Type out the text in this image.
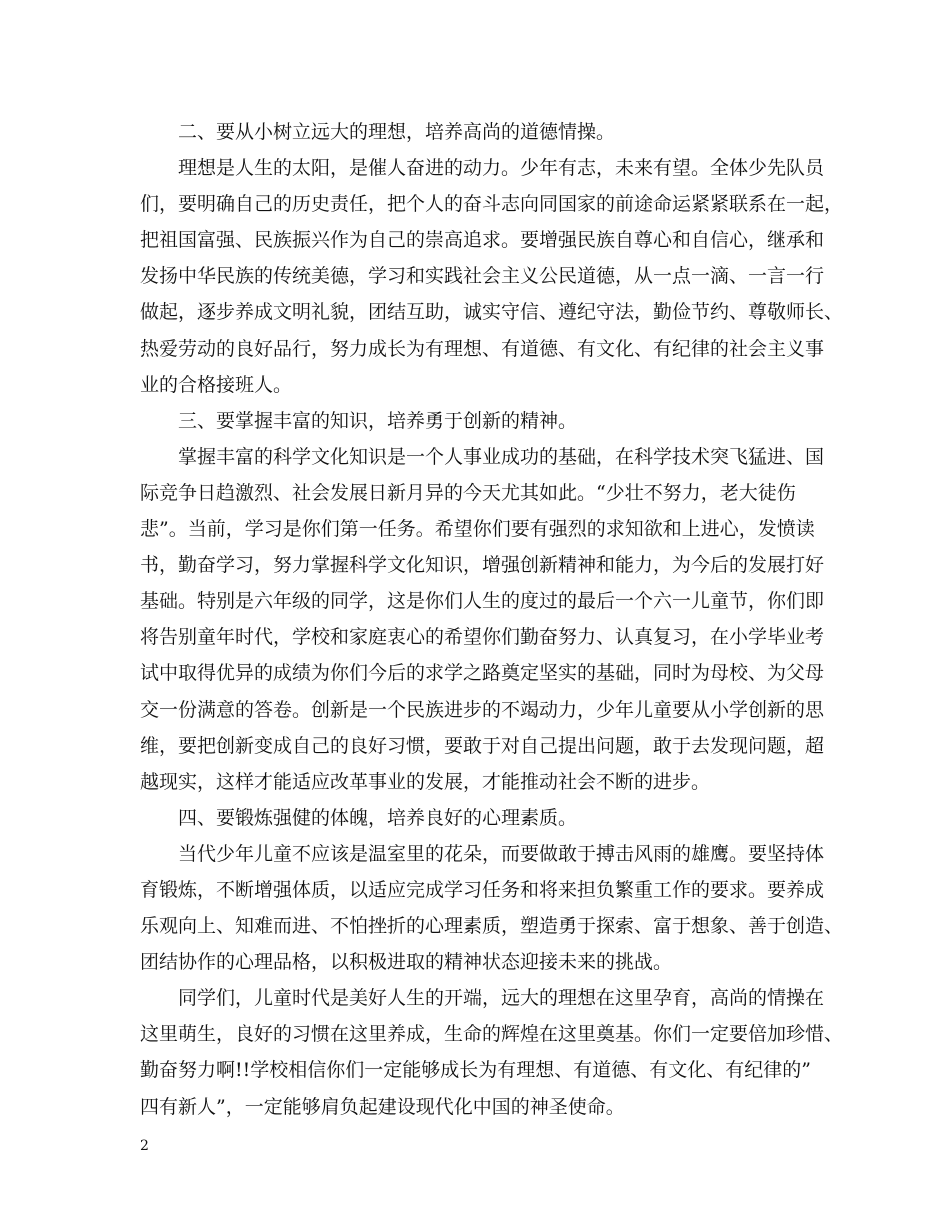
二、要从小树立远大的理想，培养高尚的道德情操。
理想是人生的太阳，是催人奋进的动力。少年有志，未来有望。全体少先队员
们，要明确自己的历史责任，把个人的奋斗志向同国家的前途命运紧紧联系在一起，
把祖国富强、民族振兴作为自己的崇高追求。要增强民族自尊心和自信心，继承和
发扬中华民族的传统美德，学习和实践社会主义公民道德，从一点一滴、一言一行
做起，逐步养成文明礼貌，团结互助，诚实守信、遵纪守法，勤俭节约、尊敬师长、
热爱劳动的良好品行，努力成长为有理想、有道德、有文化、有纪律的社会主义事
业的合格接班人。
三、要掌握丰富的知识，培养勇于创新的精神。
掌握丰富的科学文化知识是一个人事业成功的基础，在科学技术突飞猛进、国
际竞争日趋激烈、社会发展日新月异的今天尤其如此。“少壮不努力，老大徒伤
悲”。当前，学习是你们第一任务。希望你们要有强烈的求知欲和上进心，发愤读
书，勤奋学习，努力掌握科学文化知识，增强创新精神和能力，为今后的发展打好
基础。特别是六年级的同学，这是你们人生的度过的最后一个六一儿童节，你们即
将告别童年时代，学校和家庭衷心的希望你们勤奋努力、认真复习，在小学毕业考
试中取得优异的成绩为你们今后的求学之路奠定坚实的基础，同时为母校、为父母
交一份满意的答卷。创新是一个民族进步的不竭动力，少年儿童要从小学创新的思
维，要把创新变成自己的良好习惯，要敢于对自己提出问题，敢于去发现问题，超
越现实，这样才能适应改革事业的发展，才能推动社会不断的进步。
四、要锻炼强健的体魄，培养良好的心理素质。
当代少年儿童不应该是温室里的花朵，而要做敢于搏击风雨的雄鹰。要坚持体
育锻炼，不断增强体质，以适应完成学习任务和将来担负繁重工作的要求。要养成
乐观向上、知难而进、不怕挫折的心理素质，塑造勇于探索、富于想象、善于创造、
团结协作的心理品格，以积极进取的精神状态迎接未来的挑战。
同学们，儿童时代是美好人生的开端，远大的理想在这里孕育，高尚的情操在
这里萌生，良好的习惯在这里养成，生命的辉煌在这里奠基。你们一定要倍加珍惜、
勤奋努力啊!!学校相信你们一定能够成长为有理想、有道德、有文化、有纪律的”
四有新人”，一定能够肩负起建设现代化中国的神圣使命。
2
